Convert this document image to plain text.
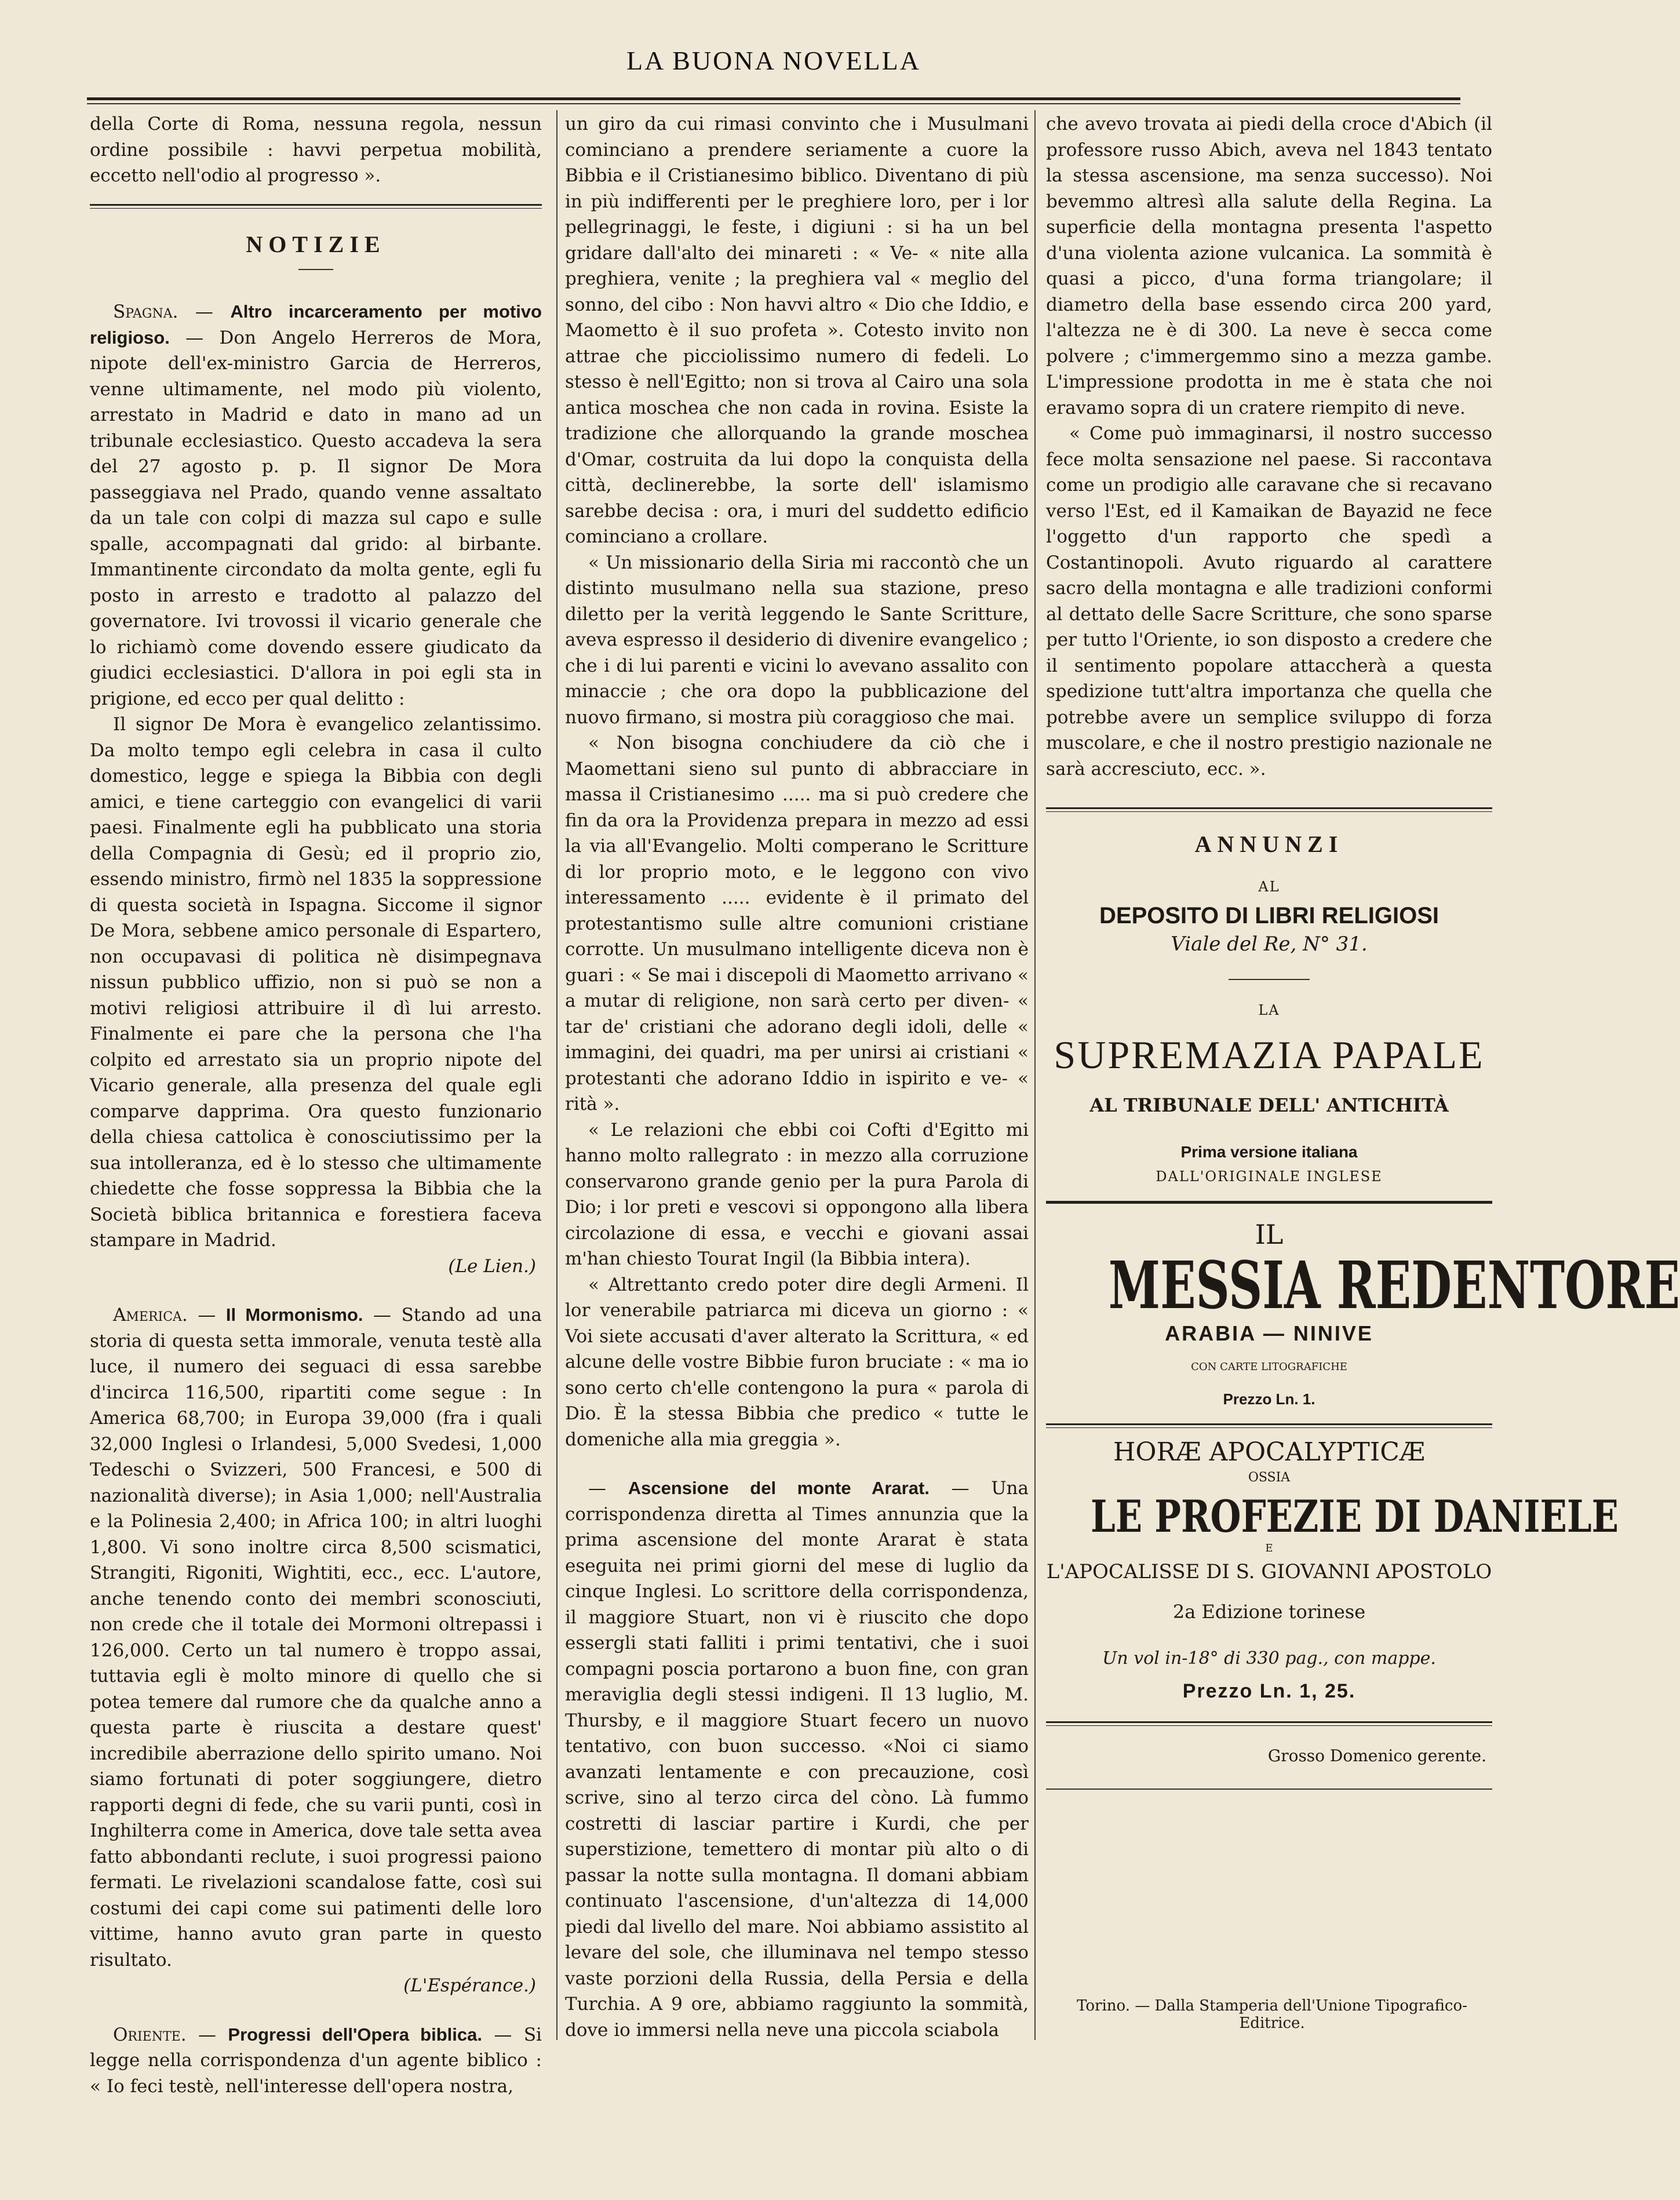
LA BUONA NOVELLA

della Corte di Roma, nessuna regola, nessun ordine possibile : havvi perpetua mobilità, eccetto nell'odio al progresso ».

NOTIZIE

Spagna. — Altro incarceramento per motivo religioso. — Don Angelo Herreros de Mora, nipote dell'ex-ministro Garcia de Herreros, venne ultimamente, nel modo più violento, arrestato in Madrid e dato in mano ad un tribunale ecclesiastico. Questo accadeva la sera del 27 agosto p. p. Il signor De Mora passeggiava nel Prado, quando venne assaltato da un tale con colpi di mazza sul capo e sulle spalle, accompagnati dal grido: al birbante. Immantinente circondato da molta gente, egli fu posto in arresto e tradotto al palazzo del governatore. Ivi trovossi il vicario generale che lo richiamò come dovendo essere giudicato da giudici ecclesiastici. D'allora in poi egli sta in prigione, ed ecco per qual delitto :

Il signor De Mora è evangelico zelantissimo. Da molto tempo egli celebra in casa il culto domestico, legge e spiega la Bibbia con degli amici, e tiene carteggio con evangelici di varii paesi. Finalmente egli ha pubblicato una storia della Compagnia di Gesù; ed il proprio zio, essendo ministro, firmò nel 1835 la soppressione di questa società in Ispagna. Siccome il signor De Mora, sebbene amico personale di Espartero, non occupavasi di politica nè disimpegnava nissun pubblico uffizio, non si può se non a motivi religiosi attribuire il dì lui arresto. Finalmente ei pare che la persona che l'ha colpito ed arrestato sia un proprio nipote del Vicario generale, alla presenza del quale egli comparve dapprima. Ora questo funzionario della chiesa cattolica è conosciutissimo per la sua intolleranza, ed è lo stesso che ultimamente chiedette che fosse soppressa la Bibbia che la Società biblica britannica e forestiera faceva stampare in Madrid.

(Le Lien.)

America. — Il Mormonismo. — Stando ad una storia di questa setta immorale, venuta testè alla luce, il numero dei seguaci di essa sarebbe d'incirca 116,500, ripartiti come segue : In America 68,700; in Europa 39,000 (fra i quali 32,000 Inglesi o Irlandesi, 5,000 Svedesi, 1,000 Tedeschi o Svizzeri, 500 Francesi, e 500 di nazionalità diverse); in Asia 1,000; nell'Australia e la Polinesia 2,400; in Africa 100; in altri luoghi 1,800. Vi sono inoltre circa 8,500 scismatici, Strangiti, Rigoniti, Wightiti, ecc., ecc. L'autore, anche tenendo conto dei membri sconosciuti, non crede che il totale dei Mormoni oltrepassi i 126,000. Certo un tal numero è troppo assai, tuttavia egli è molto minore di quello che si potea temere dal rumore che da qualche anno a questa parte è riuscita a destare quest' incredibile aberrazione dello spirito umano. Noi siamo fortunati di poter soggiungere, dietro rapporti degni di fede, che su varii punti, così in Inghilterra come in America, dove tale setta avea fatto abbondanti reclute, i suoi progressi paiono fermati. Le rivelazioni scandalose fatte, così sui costumi dei capi come sui patimenti delle loro vittime, hanno avuto gran parte in questo risultato.

(L'Espérance.)

Oriente. — Progressi dell'Opera biblica. — Si legge nella corrispondenza d'un agente biblico : « Io feci testè, nell'interesse dell'opera nostra,

un giro da cui rimasi convinto che i Musulmani cominciano a prendere seriamente a cuore la Bibbia e il Cristianesimo biblico. Diventano di più in più indifferenti per le preghiere loro, per i lor pellegrinaggi, le feste, i digiuni : si ha un bel gridare dall'alto dei minareti : « Ve- « nite alla preghiera, venite ; la preghiera val « meglio del sonno, del cibo : Non havvi altro « Dio che Iddio, e Maometto è il suo profeta ». Cotesto invito non attrae che picciolissimo numero di fedeli. Lo stesso è nell'Egitto; non si trova al Cairo una sola antica moschea che non cada in rovina. Esiste la tradizione che allorquando la grande moschea d'Omar, costruita da lui dopo la conquista della città, declinerebbe, la sorte dell' islamismo sarebbe decisa : ora, i muri del suddetto edificio cominciano a crollare.

« Un missionario della Siria mi raccontò che un distinto musulmano nella sua stazione, preso diletto per la verità leggendo le Sante Scritture, aveva espresso il desiderio di divenire evangelico ; che i di lui parenti e vicini lo avevano assalito con minaccie ; che ora dopo la pubblicazione del nuovo firmano, si mostra più coraggioso che mai.

« Non bisogna conchiudere da ciò che i Maomettani sieno sul punto di abbracciare in massa il Cristianesimo ..... ma si può credere che fin da ora la Providenza prepara in mezzo ad essi la via all'Evangelio. Molti comperano le Scritture di lor proprio moto, e le leggono con vivo interessamento ..... evidente è il primato del protestantismo sulle altre comunioni cristiane corrotte. Un musulmano intelligente diceva non è guari : « Se mai i discepoli di Maometto arrivano « a mutar di religione, non sarà certo per diven- « tar de' cristiani che adorano degli idoli, delle « immagini, dei quadri, ma per unirsi ai cristiani « protestanti che adorano Iddio in ispirito e ve- « rità ».

« Le relazioni che ebbi coi Cofti d'Egitto mi hanno molto rallegrato : in mezzo alla corruzione conservarono grande genio per la pura Parola di Dio; i lor preti e vescovi si oppongono alla libera circolazione di essa, e vecchi e giovani assai m'han chiesto Tourat Ingil (la Bibbia intera).

« Altrettanto credo poter dire degli Armeni. Il lor venerabile patriarca mi diceva un giorno : « Voi siete accusati d'aver alterato la Scrittura, « ed alcune delle vostre Bibbie furon bruciate : « ma io sono certo ch'elle contengono la pura « parola di Dio. È la stessa Bibbia che predico « tutte le domeniche alla mia greggia ».

— Ascensione del monte Ararat. — Una corrispondenza diretta al Times annunzia que la prima ascensione del monte Ararat è stata eseguita nei primi giorni del mese di luglio da cinque Inglesi. Lo scrittore della corrispondenza, il maggiore Stuart, non vi è riuscito che dopo essergli stati falliti i primi tentativi, che i suoi compagni poscia portarono a buon fine, con gran meraviglia degli stessi indigeni. Il 13 luglio, M. Thursby, e il maggiore Stuart fecero un nuovo tentativo, con buon successo. «Noi ci siamo avanzati lentamente e con precauzione, così scrive, sino al terzo circa del còno. Là fummo costretti di lasciar partire i Kurdi, che per superstizione, temettero di montar più alto o di passar la notte sulla montagna. Il domani abbiam continuato l'ascensione, d'un'altezza di 14,000 piedi dal livello del mare. Noi abbiamo assistito al levare del sole, che illuminava nel tempo stesso vaste porzioni della Russia, della Persia e della Turchia. A 9 ore, abbiamo raggiunto la sommità, dove io immersi nella neve una piccola sciabola

che avevo trovata ai piedi della croce d'Abich (il professore russo Abich, aveva nel 1843 tentato la stessa ascensione, ma senza successo). Noi bevemmo altresì alla salute della Regina. La superficie della montagna presenta l'aspetto d'una violenta azione vulcanica. La sommità è quasi a picco, d'una forma triangolare; il diametro della base essendo circa 200 yard, l'altezza ne è di 300. La neve è secca come polvere ; c'immergemmo sino a mezza gambe. L'impressione prodotta in me è stata che noi eravamo sopra di un cratere riempito di neve.

« Come può immaginarsi, il nostro successo fece molta sensazione nel paese. Si raccontava come un prodigio alle caravane che si recavano verso l'Est, ed il Kamaikan de Bayazid ne fece l'oggetto d'un rapporto che spedì a Costantinopoli. Avuto riguardo al carattere sacro della montagna e alle tradizioni conformi al dettato delle Sacre Scritture, che sono sparse per tutto l'Oriente, io son disposto a credere che il sentimento popolare attaccherà a questa spedizione tutt'altra importanza che quella che potrebbe avere un semplice sviluppo di forza muscolare, e che il nostro prestigio nazionale ne sarà accresciuto, ecc. ».

ANNUNZI
AL
DEPOSITO DI LIBRI RELIGIOSI
Viale del Re, N° 31.
LA
SUPREMAZIA PAPALE
AL TRIBUNALE DELL' ANTICHITÀ
Prima versione italiana
DALL'ORIGINALE INGLESE
IL
MESSIA REDENTORE
ARABIA — NINIVE
CON CARTE LITOGRAFICHE
Prezzo Ln. 1.
HORÆ APOCALYPTICÆ
OSSIA
LE PROFEZIE DI DANIELE
E
L'APOCALISSE DI S. GIOVANNI APOSTOLO
2a Edizione torinese
Un vol in-18° di 330 pag., con mappe.
Prezzo Ln. 1, 25.
Grosso Domenico gerente.
Torino. — Dalla Stamperia dell'Unione Tipografico-Editrice.
